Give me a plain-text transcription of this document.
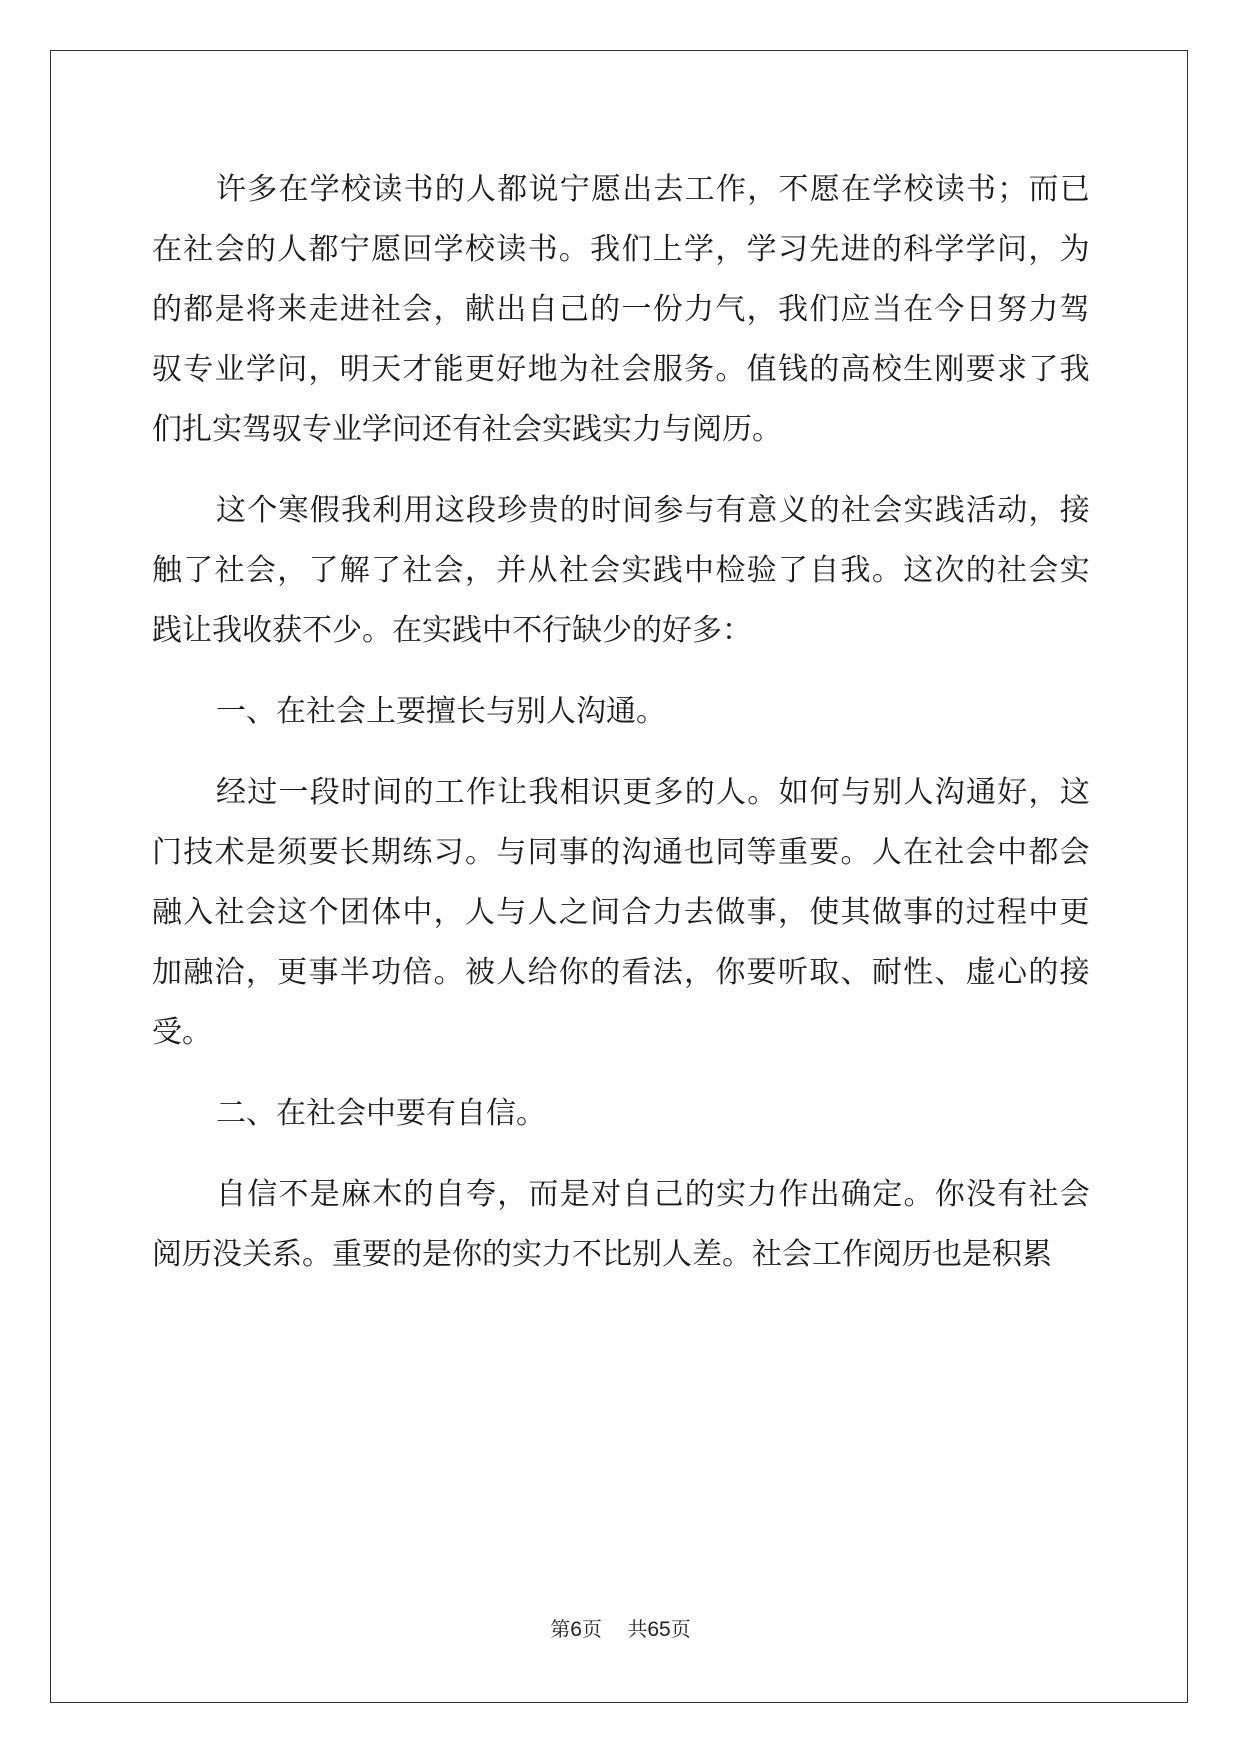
许 多 在 学 校 读 书 的 人 都 说 宁 愿 出 去 工 作 ， 不 愿 在 学 校 读 书 ； 而 已
在 社 会 的 人 都 宁 愿 回 学 校 读 书 。 我 们 上 学 ， 学 习 先 进 的 科 学 学 问 ， 为
的 都 是 将 来 走 进 社 会 ， 献 出 自 己 的 一 份 力 气 ， 我 们 应 当 在 今 日 努 力 驾
驭 专 业 学 问 ， 明 天 才 能 更 好 地 为 社 会 服 务 。 值 钱 的 高 校 生 刚 要 求 了 我
们扎实驾驭专业学问还有社会实践实力与阅历。
这 个 寒 假 我 利 用 这 段 珍 贵 的 时 间 参 与 有 意 义 的 社 会 实 践 活 动 ， 接
触 了 社 会 ， 了 解 了 社 会 ， 并 从 社 会 实 践 中 检 验 了 自 我 。 这 次 的 社 会 实
践让我收获不少。在实践中不行缺少的好多：
一、在社会上要擅长与别人沟通。
经 过 一 段 时 间 的 工 作 让 我 相 识 更 多 的 人 。 如 何 与 别 人 沟 通 好 ， 这
门 技 术 是 须 要 长 期 练 习 。 与 同 事 的 沟 通 也 同 等 重 要 。 人 在 社 会 中 都 会
融 入 社 会 这 个 团 体 中 ， 人 与 人 之 间 合 力 去 做 事 ， 使 其 做 事 的 过 程 中 更
加 融 洽 ， 更 事 半 功 倍 。 被 人 给 你 的 看 法 ， 你 要 听 取 、 耐 性 、 虚 心 的 接
受。
二、在社会中要有自信。
自 信 不 是 麻 木 的 自 夸 ， 而 是 对 自 己 的 实 力 作 出 确 定 。 你 没 有 社 会
阅历没关系。重要的是你的实力不比别人差。社会工作阅历也是积累
第6页 共65页
